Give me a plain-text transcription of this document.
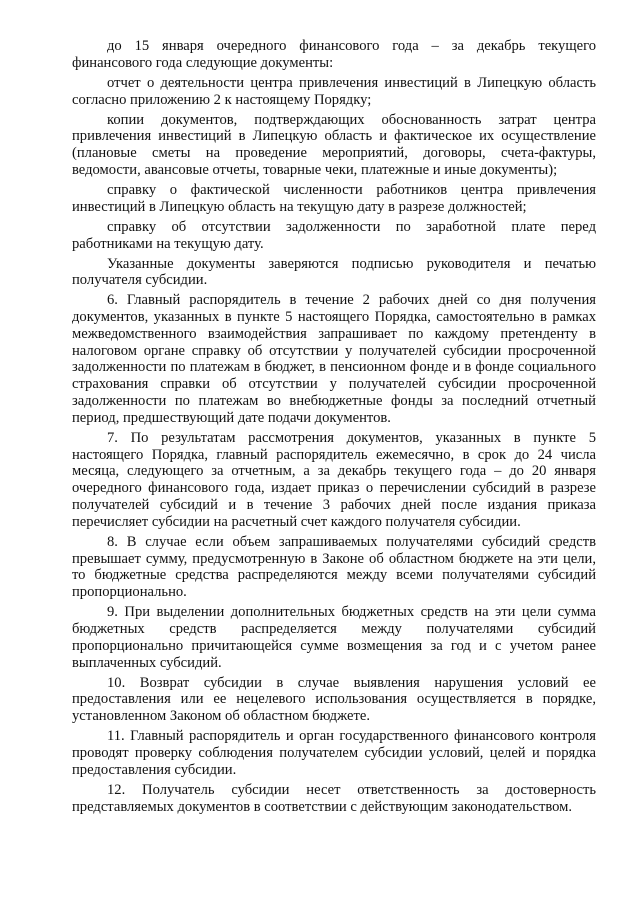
до 15 января очередного финансового года – за декабрь текущего финансового года следующие документы:

отчет о деятельности центра привлечения инвестиций в Липецкую область согласно приложению 2 к настоящему Порядку;

копии документов, подтверждающих обоснованность затрат центра привлечения инвестиций в Липецкую область и фактическое их осуществление (плановые сметы на проведение мероприятий, договоры, счета-фактуры, ведомости, авансовые отчеты, товарные чеки, платежные и иные документы);

справку о фактической численности работников центра привлечения инвестиций в Липецкую область на текущую дату в разрезе должностей;

справку об отсутствии задолженности по заработной плате перед работниками на текущую дату.

Указанные документы заверяются подписью руководителя и печатью получателя субсидии.

6. Главный распорядитель в течение 2 рабочих дней со дня получения документов, указанных в пункте 5 настоящего Порядка, самостоятельно в рамках межведомственного взаимодействия запрашивает по каждому претенденту в налоговом органе справку об отсутствии у получателей субсидии просроченной задолженности по платежам в бюджет, в пенсионном фонде и в фонде социального страхования справки об отсутствии у получателей субсидии просроченной задолженности по платежам во внебюджетные фонды за последний отчетный период, предшествующий дате подачи документов.

7. По результатам рассмотрения документов, указанных в пункте 5 настоящего Порядка, главный распорядитель ежемесячно, в срок до 24 числа месяца, следующего за отчетным, а за декабрь текущего года – до 20 января очередного финансового года, издает приказ о перечислении субсидий в разрезе получателей субсидий и в течение 3 рабочих дней после издания приказа перечисляет субсидии на расчетный счет каждого получателя субсидии.

8. В случае если объем запрашиваемых получателями субсидий средств превышает сумму, предусмотренную в Законе об областном бюджете на эти цели, то бюджетные средства распределяются между всеми получателями субсидий пропорционально.

9. При выделении дополнительных бюджетных средств на эти цели сумма бюджетных средств распределяется между получателями субсидий пропорционально причитающейся сумме возмещения за год и с учетом ранее выплаченных субсидий.

10. Возврат субсидии в случае выявления нарушения условий ее предоставления или ее нецелевого использования осуществляется в порядке, установленном Законом об областном бюджете.

11. Главный распорядитель и орган государственного финансового контроля проводят проверку соблюдения получателем субсидии условий, целей и порядка предоставления субсидии.

12. Получатель субсидии несет ответственность за достоверность представляемых документов в соответствии с действующим законодательством.
